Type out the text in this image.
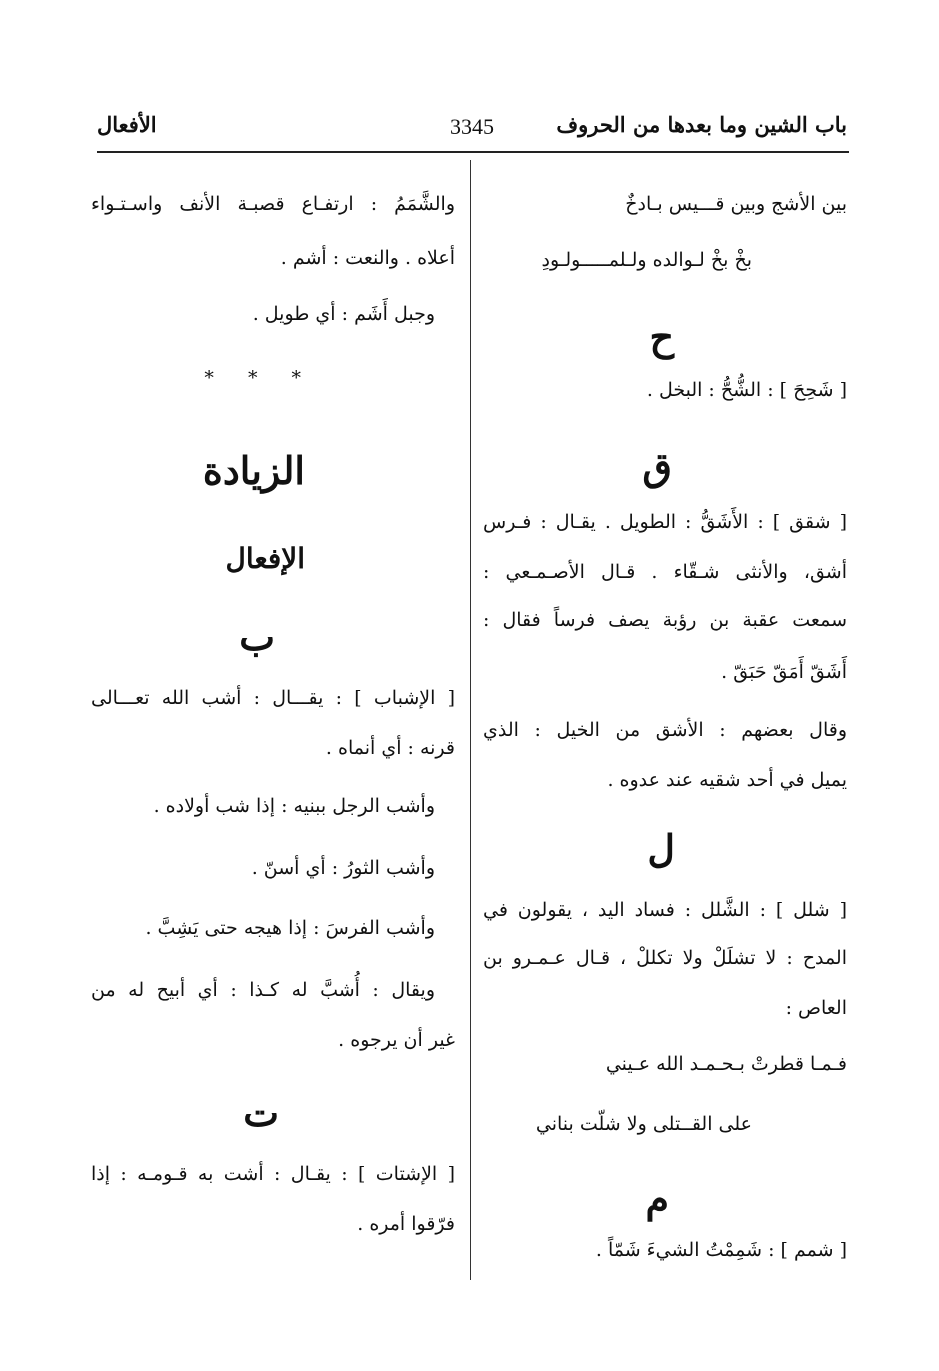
باب الشين وما بعدها من الحروف
3345
الأفعال
بين الأشج وبين قـــيس بـادخٌ
بخْ بخْ لـوالده ولـلمـــــولـودِ
ح
[ شَحِحَ ] : الشُّحُّ : البخل .
ق
[ شقق ] : الأَشَقُّ : الطويل . يقـال : فـرس
أشق، والأنثى شـقّاء . قـال الأصـمـعي :
سمعت عقبة بن رؤبة يصف فرساً فقال :
أَشَقّ أَمَقّ حَبَقّ .
وقال بعضهم : الأشق من الخيل : الذي
يميل في أحد شقيه عند عدوه .
ل
[ شلل ] : الشَّلل : فساد اليد ، يقولون في
المدح : لا تشلَلْ ولا تكللْ ، قـال عـمـرو بن
العاص :
فـمـا قطرتْ بـحـمـد الله عـيني
على القــتلى ولا شلّت بناني
م
[ شمم ] : شَمِمْتُ الشيءَ شَمّاً .
والشَّمَمُ : ارتفـاع قصبـة الأنف واسـتـواء
أعلاه . والنعت : أشم .
وجبل أَشَم : أي طويل .
* * *
الزيادة
الإفعال
ب
[ الإشباب ] : يقـــال : أشب الله تعـــالى
قرنه : أي أنماه .
وأشب الرجل ببنيه : إذا شب أولاده .
وأشب الثورُ : أي أسنّ .
وأشب الفرسَ : إذا هيجه حتى يَشِبَّ .
ويقال : أُشبَّ له كـذا : أي أبيح له من
غير أن يرجوه .
ت
[ الإشتات ] : يقـال : أشت به قـومـه : إذا
فرّقوا أمره .
